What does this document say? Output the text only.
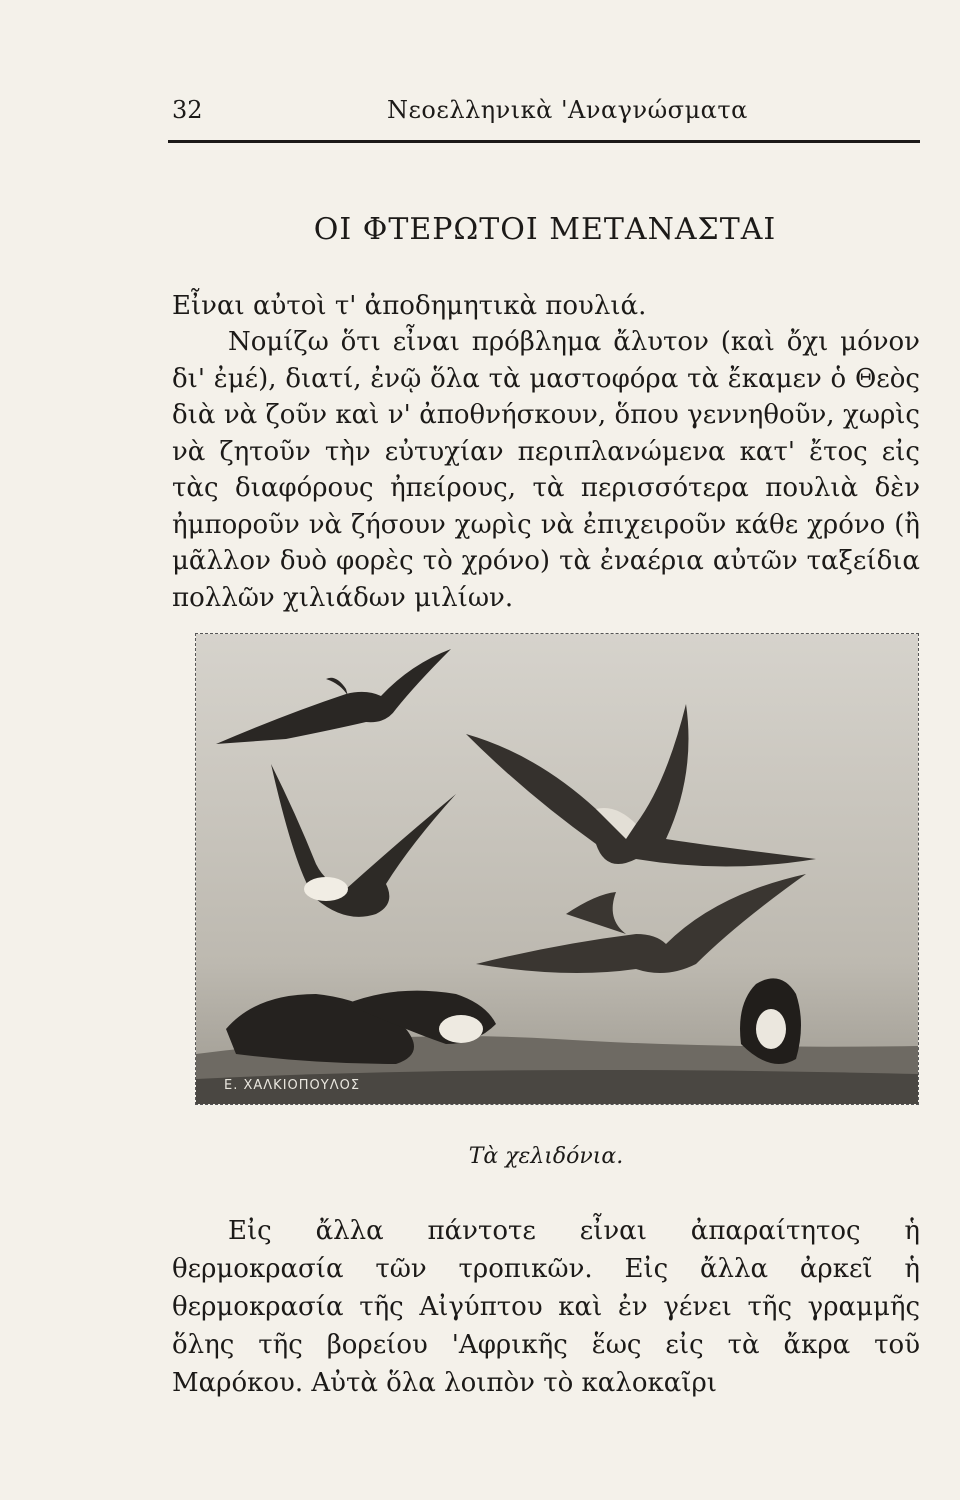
32	Νεοελληνικὰ 'Αναγνώσματα
ΟΙ ΦΤΕΡΩΤΟΙ ΜΕΤΑΝΑΣΤΑΙ

Εἶναι αὐτοὶ τ' ἀποδημητικὰ πουλιά.

Νομίζω ὅτι εἶναι πρόβλημα ἄλυτον (καὶ ὄχι μόνον δι' ἐμέ), διατί, ἐνῷ ὅλα τὰ μαστοφόρα τὰ ἔκαμεν ὁ Θεὸς διὰ νὰ ζοῦν καὶ ν' ἀποθνήσκουν, ὅπου γεννηθοῦν, χωρὶς νὰ ζητοῦν τὴν εὐτυχίαν περιπλανώμενα κατ' ἔτος εἰς τὰς διαφόρους ἠπείρους, τὰ περισσότερα πουλιὰ δὲν ἠμποροῦν νὰ ζήσουν χωρὶς νὰ ἐπιχειροῦν κάθε χρόνο (ἢ μᾶλλον δυὸ φορὲς τὸ χρόνο) τὰ ἐναέρια αὐτῶν ταξείδια πολλῶν χιλιάδων μιλίων.

Ε. ΧΑΛΚΙΟΠΟΥΛΟΣ
Τὰ χελιδόνια.

Εἰς ἄλλα πάντοτε εἶναι ἀπαραίτητος ἡ θερμοκρασία τῶν τροπικῶν. Εἰς ἄλλα ἀρκεῖ ἡ θερμοκρασία τῆς Αἰγύπτου καὶ ἐν γένει τῆς γραμμῆς ὅλης τῆς βορείου 'Αφρικῆς ἕως εἰς τὰ ἄκρα τοῦ Μαρόκου. Αὐτὰ ὅλα λοιπὸν τὸ καλοκαῖρι
